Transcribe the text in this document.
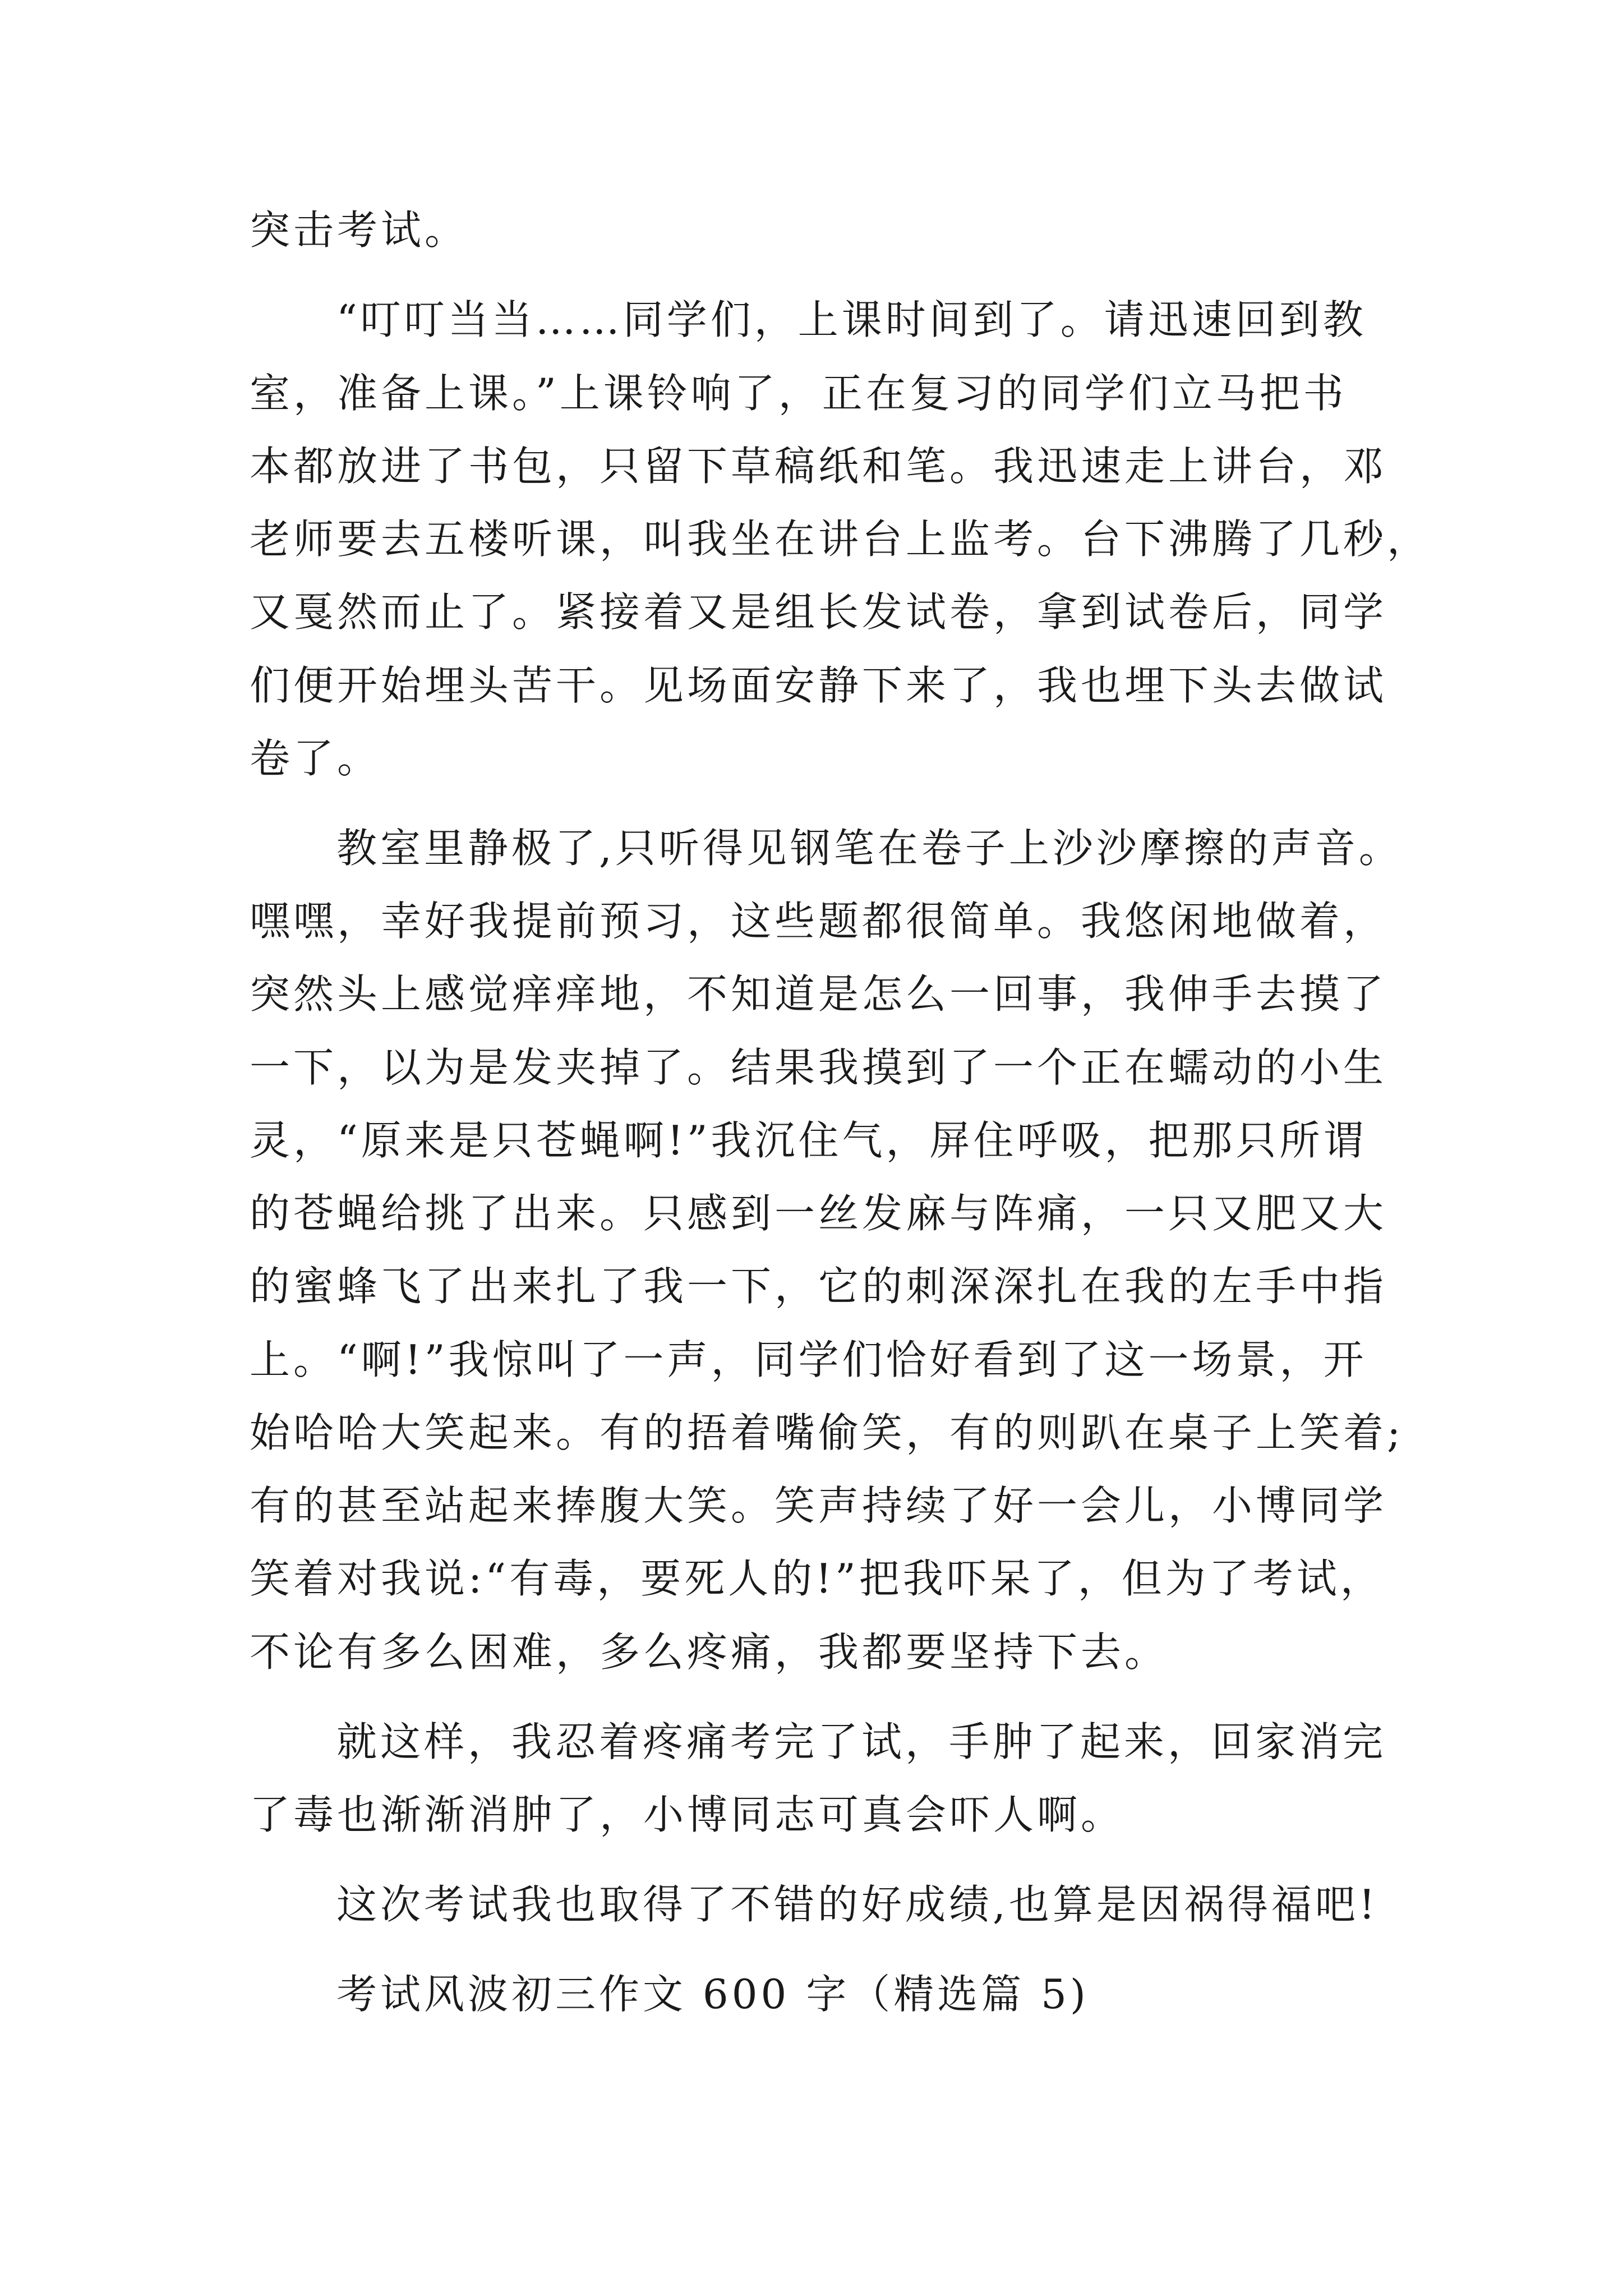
突击考试。
“叮叮当当……同学们，上课时间到了。请迅速回到教
室，准备上课。”上课铃响了，正在复习的同学们立马把书
本都放进了书包，只留下草稿纸和笔。我迅速走上讲台，邓
老师要去五楼听课，叫我坐在讲台上监考。台下沸腾了几秒，
又戛然而止了。紧接着又是组长发试卷，拿到试卷后，同学
们便开始埋头苦干。见场面安静下来了，我也埋下头去做试
卷了。
教室里静极了,只听得见钢笔在卷子上沙沙摩擦的声音。
嘿嘿，幸好我提前预习，这些题都很简单。我悠闲地做着，
突然头上感觉痒痒地，不知道是怎么一回事，我伸手去摸了
一下，以为是发夹掉了。结果我摸到了一个正在蠕动的小生
灵，“原来是只苍蝇啊!”我沉住气，屏住呼吸，把那只所谓
的苍蝇给挑了出来。只感到一丝发麻与阵痛，一只又肥又大
的蜜蜂飞了出来扎了我一下，它的刺深深扎在我的左手中指
上。“啊!”我惊叫了一声，同学们恰好看到了这一场景，开
始哈哈大笑起来。有的捂着嘴偷笑，有的则趴在桌子上笑着;
有的甚至站起来捧腹大笑。笑声持续了好一会儿，小博同学
笑着对我说:“有毒，要死人的!”把我吓呆了，但为了考试，
不论有多么困难，多么疼痛，我都要坚持下去。
就这样，我忍着疼痛考完了试，手肿了起来，回家消完
了毒也渐渐消肿了，小博同志可真会吓人啊。
这次考试我也取得了不错的好成绩,也算是因祸得福吧!
考试风波初三作文 600 字（精选篇 5)
